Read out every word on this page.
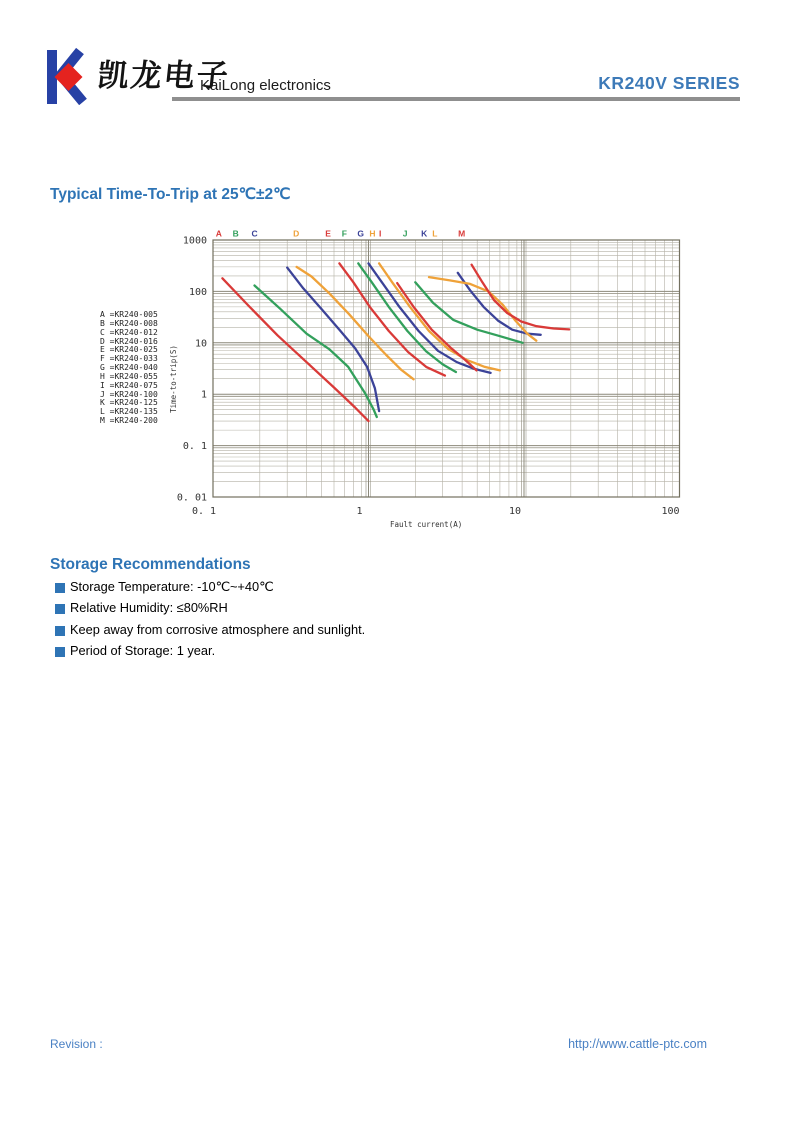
凯龙电子
KaiLong electronics	KR240V SERIES
Typical Time-To-Trip at 25℃±2℃
A B C	D	E F G H I	J K L M
1000
100
10
1
0. 1
0. 01
0. 1	1	10	100
Fault current(A)
Time-to-trip(S)
A =KR240-005
B =KR240-008
C =KR240-012
D =KR240-016
E =KR240-025
F =KR240-033
G =KR240-040
H =KR240-055
I =KR240-075
J =KR240-100
K =KR240-125
L =KR240-135
M =KR240-200
Storage Recommendations
Storage Temperature: -10℃~+40℃
Relative Humidity: ≤80%RH
Keep away from corrosive atmosphere and sunlight.
Period of Storage: 1 year.
Revision :	http://www.cattle-ptc.com
